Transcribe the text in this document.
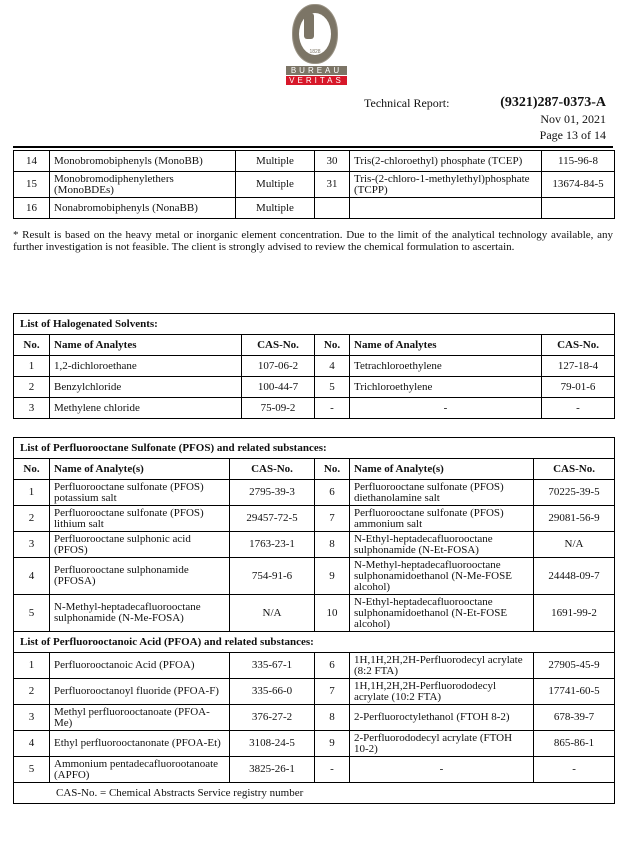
1828
BUREAU
VERITAS
Technical Report:	(9321)287-0373-A
Nov 01, 2021
Page 13 of 14
14	Monobromobiphenyls (MonoBB)	Multiple	30	Tris(2-chloroethyl) phosphate (TCEP)	115-96-8
15	Monobromodiphenylethers (MonoBDEs)	Multiple	31	Tris-(2-chloro-1-methylethyl)phosphate (TCPP)	13674-84-5
16	Nonabromobiphenyls (NonaBB)	Multiple			
* Result is based on the heavy metal or inorganic element concentration. Due to the limit of the analytical technology available, any further investigation is not feasible. The client is strongly advised to review the chemical formulation to ascertain.
List of Halogenated Solvents:					
No.	Name of Analytes	CAS-No.	No.	Name of Analytes	CAS-No.
1	1,2-dichloroethane	107-06-2	4	Tetrachloroethylene	127-18-4
2	Benzylchloride	100-44-7	5	Trichloroethylene	79-01-6
3	Methylene chloride	75-09-2	-	-	-
List of Perfluorooctane Sulfonate (PFOS) and related substances:					
No.	Name of Analyte(s)	CAS-No.	No.	Name of Analyte(s)	CAS-No.
1	Perfluorooctane sulfonate (PFOS) potassium salt	2795-39-3	6	Perfluorooctane sulfonate (PFOS) diethanolamine salt	70225-39-5
2	Perfluorooctane sulfonate (PFOS) lithium salt	29457-72-5	7	Perfluorooctane sulfonate (PFOS) ammonium salt	29081-56-9
3	Perfluorooctane sulphonic acid (PFOS)	1763-23-1	8	N-Ethyl-heptadecafluorooctane sulphonamide (N-Et-FOSA)	N/A
4	Perfluorooctane sulphonamide (PFOSA)	754-91-6	9	N-Methyl-heptadecafluorooctane sulphonamidoethanol (N-Me-FOSE alcohol)	24448-09-7
5	N-Methyl-heptadecafluorooctane sulphonamide (N-Me-FOSA)	N/A	10	N-Ethyl-heptadecafluorooctane sulphonamidoethanol (N-Et-FOSE alcohol)	1691-99-2
List of Perfluorooctanoic Acid (PFOA) and related substances:					
1	Perfluorooctanoic Acid (PFOA)	335-67-1	6	1H,1H,2H,2H-Perfluorodecyl acrylate (8:2 FTA)	27905-45-9
2	Perfluorooctanoyl fluoride (PFOA-F)	335-66-0	7	1H,1H,2H,2H-Perfluorododecyl acrylate (10:2 FTA)	17741-60-5
3	Methyl perfluorooctanoate (PFOA-Me)	376-27-2	8	2-Perfluoroctylethanol (FTOH 8-2)	678-39-7
4	Ethyl perfluorooctanonate (PFOA-Et)	3108-24-5	9	2-Perfluorododecyl acrylate (FTOH 10-2)	865-86-1
5	Ammonium pentadecafluorootanoate (APFO)	3825-26-1	-	-	-
CAS-No. = Chemical Abstracts Service registry number					
